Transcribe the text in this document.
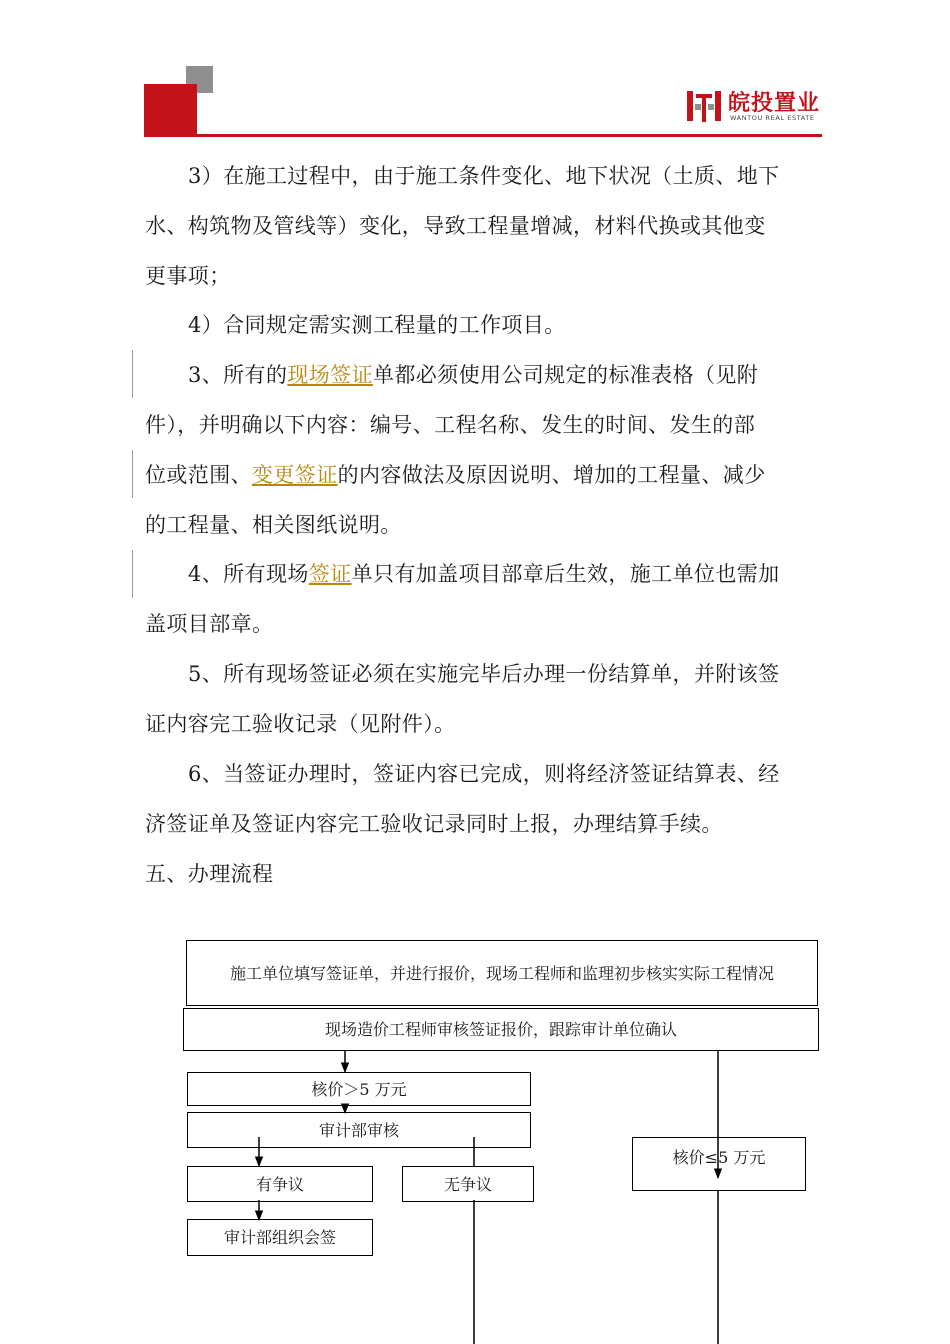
皖投置业
WANTOU REAL ESTATE
3）在施工过程中，由于施工条件变化、地下状况（土质、地下
水、构筑物及管线等）变化，导致工程量增减，材料代换或其他变
更事项；
4）合同规定需实测工程量的工作项目。
3、所有的现场签证单都必须使用公司规定的标准表格（见附
件），并明确以下内容：编号、工程名称、发生的时间、发生的部
位或范围、变更签证的内容做法及原因说明、增加的工程量、减少
的工程量、相关图纸说明。
4、所有现场签证单只有加盖项目部章后生效，施工单位也需加
盖项目部章。
5、所有现场签证必须在实施完毕后办理一份结算单，并附该签
证内容完工验收记录（见附件）。
6、当签证办理时，签证内容已完成，则将经济签证结算表、经
济签证单及签证内容完工验收记录同时上报，办理结算手续。
五、办理流程
施工单位填写签证单，并进行报价，现场工程师和监理初步核实实际工程情况
现场造价工程师审核签证报价，跟踪审计单位确认
核价＞5 万元
审计部审核
有争议	无争议
审计部组织会签
核价≤5 万元
